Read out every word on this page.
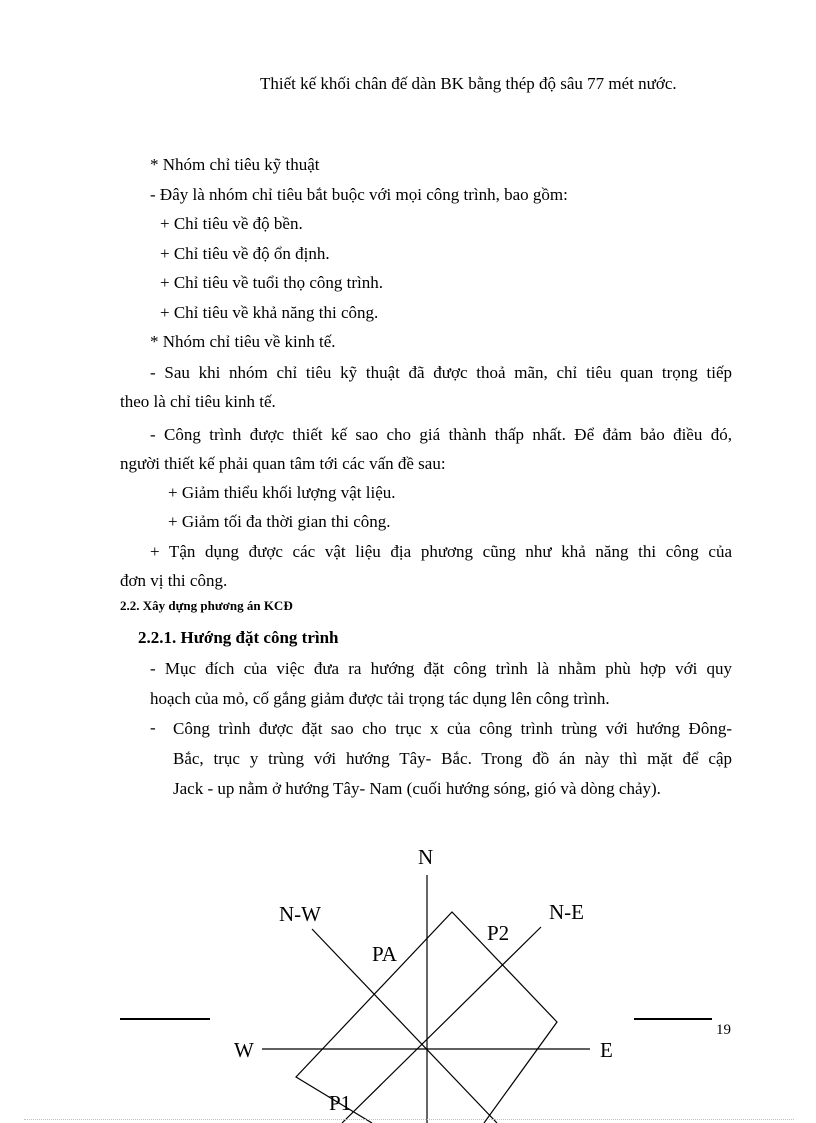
Thiết kế khối chân đế dàn BK bằng thép độ sâu 77 mét nước.
* Nhóm chỉ tiêu kỹ thuật
- Đây là nhóm chỉ tiêu bắt buộc với mọi công trình, bao gồm:
+ Chỉ tiêu về độ bền.
+ Chỉ tiêu về độ ổn định.
+ Chỉ tiêu về tuổi thọ công trình.
+ Chỉ tiêu về khả năng thi công.
* Nhóm chỉ tiêu về kinh tế.
- Sau khi nhóm chỉ tiêu kỹ thuật đã được thoả mãn, chỉ tiêu quan trọng tiếp
theo là chỉ tiêu kinh tế.
- Công trình được thiết kế sao cho giá thành thấp nhất. Để đảm bảo điều đó,
người thiết kế phải quan tâm tới các vấn đề sau:
+ Giảm thiểu khối lượng vật liệu.
+ Giảm tối đa thời gian thi công.
+ Tận dụng được các vật liệu địa phương cũng như khả năng thi công của
đơn vị thi công.
2.2. Xây dựng phương án KCĐ
2.2.1. Hướng đặt công trình
- Mục đích của việc đưa ra hướng đặt công trình là nhằm phù hợp với quy
hoạch của mỏ, cố gắng giảm được tải trọng tác dụng lên công trình.
- Công trình được đặt sao cho trục x của công trình trùng với hướng Đông-
Bắc, trục y trùng với hướng Tây- Bắc. Trong đồ án này thì mặt để cập
Jack - up nằm ở hướng Tây- Nam (cuối hướng sóng, gió và dòng chảy).
N
N-W	N-E
W	E
PA
P2
P1
19
